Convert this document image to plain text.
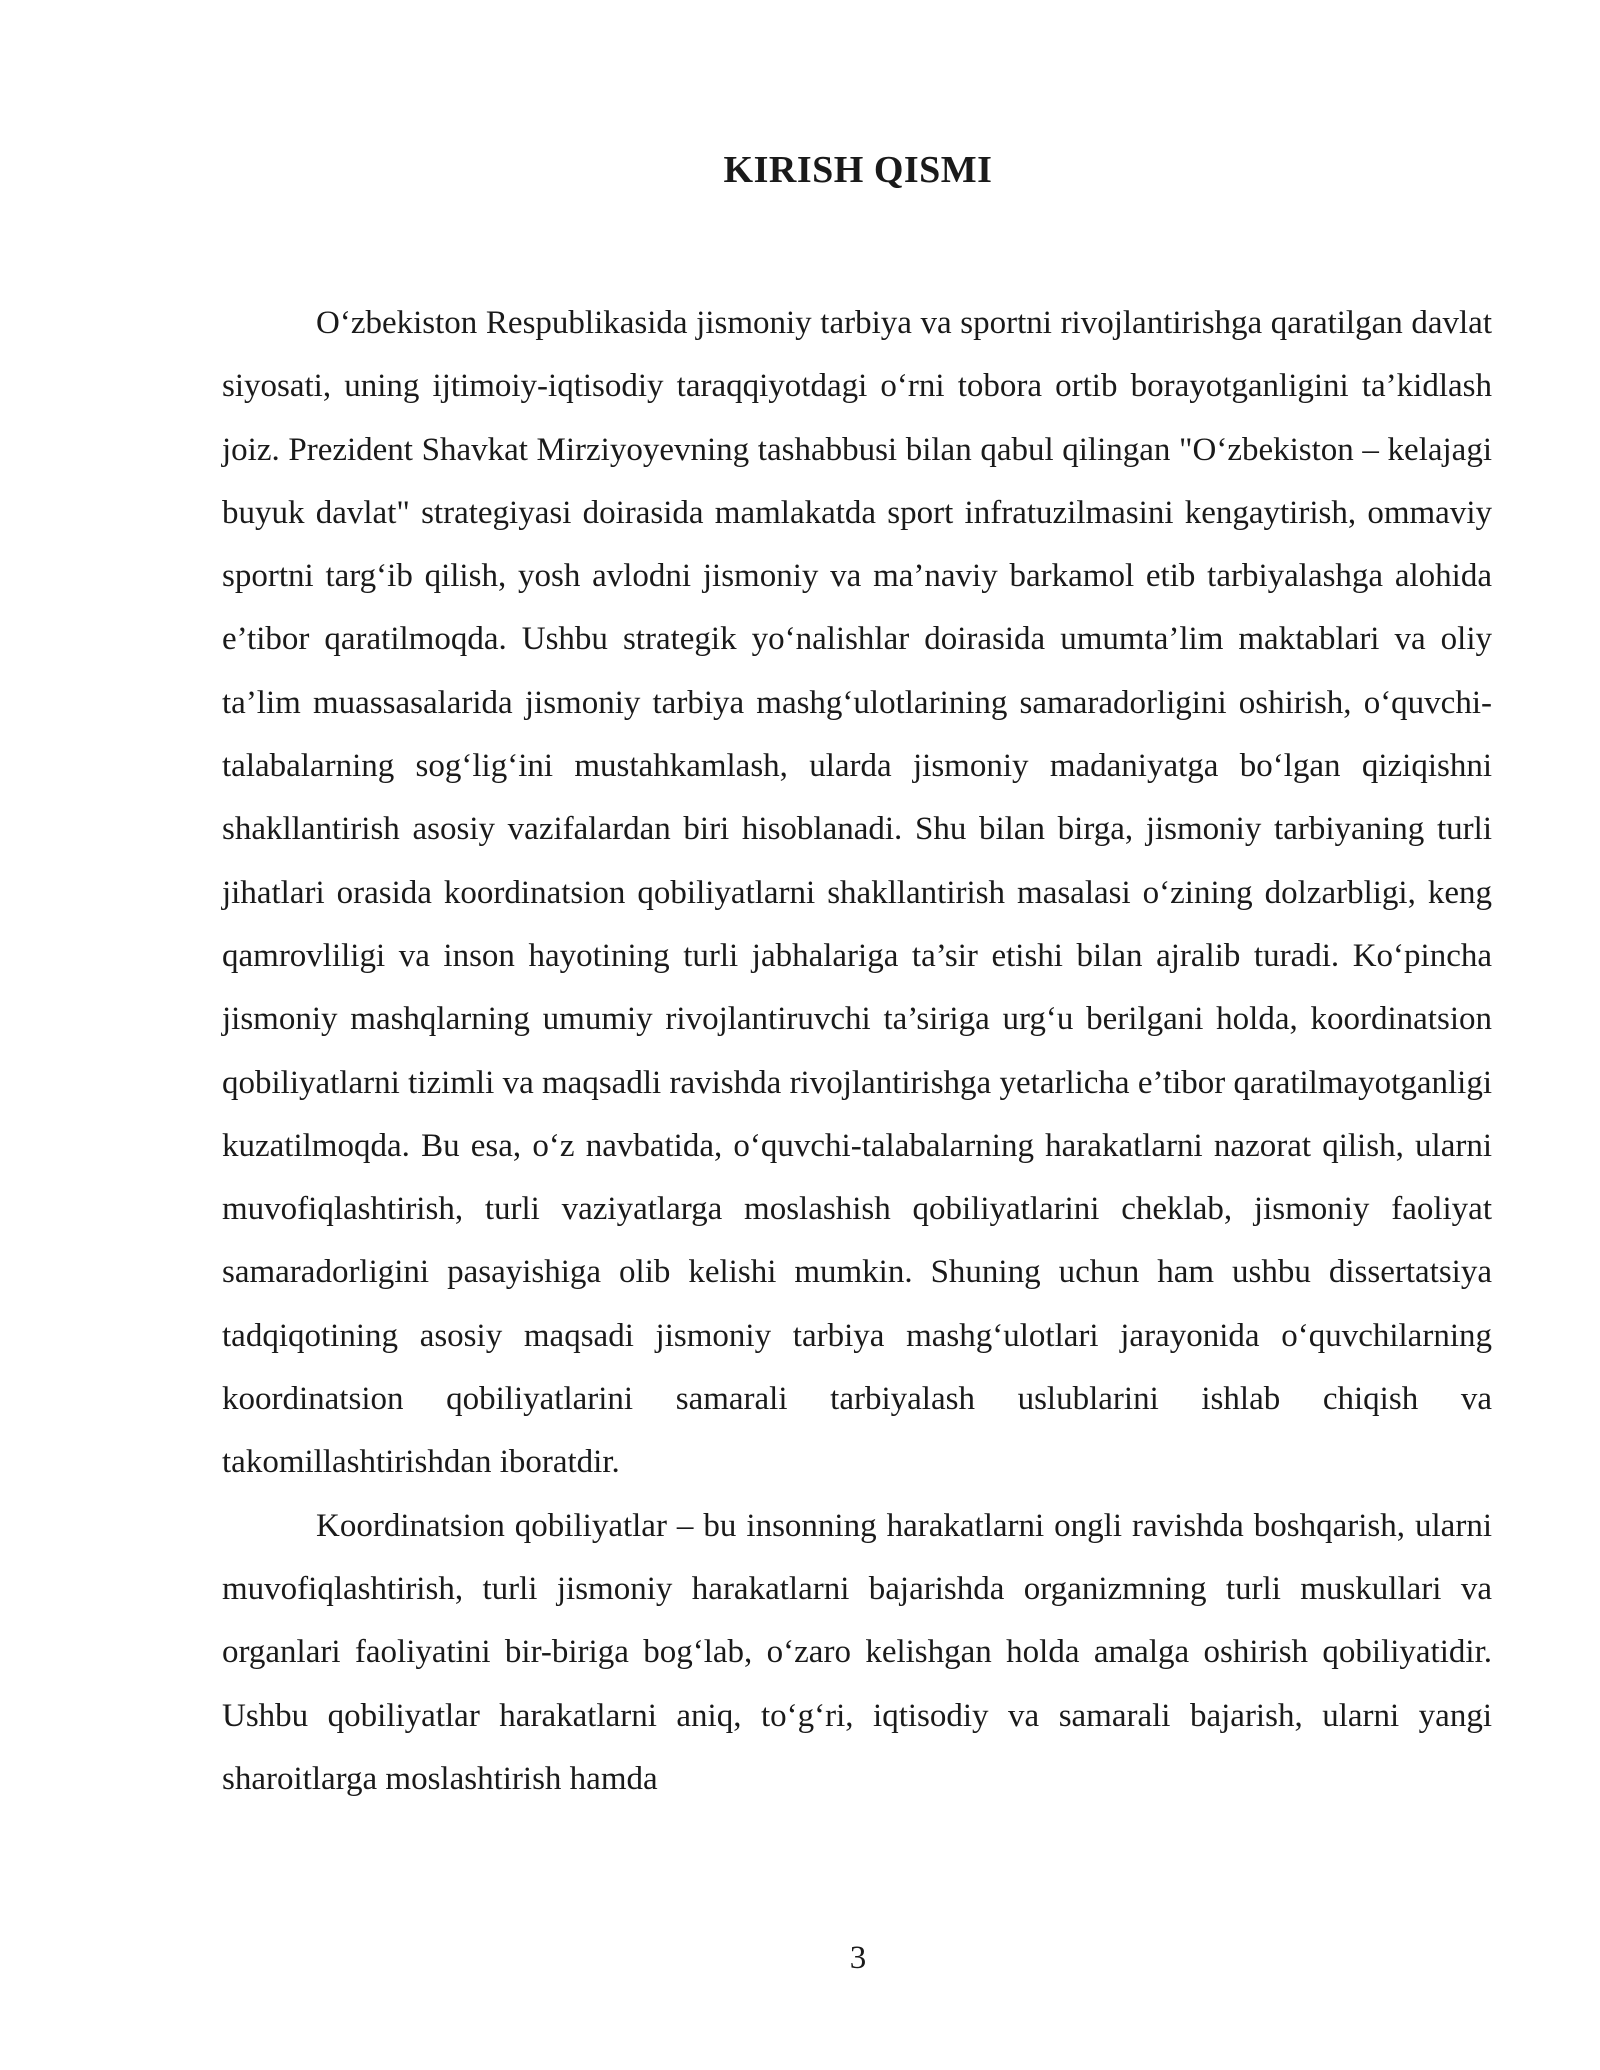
KIRISH QISMI

O‘zbekiston Respublikasida jismoniy tarbiya va sportni rivojlantirishga qaratilgan davlat siyosati, uning ijtimoiy-iqtisodiy taraqqiyotdagi o‘rni tobora ortib borayotganligini ta’kidlash joiz. Prezident Shavkat Mirziyoyevning tashabbusi bilan qabul qilingan "O‘zbekiston – kelajagi buyuk davlat" strategiyasi doirasida mamlakatda sport infratuzilmasini kengaytirish, ommaviy sportni targ‘ib qilish, yosh avlodni jismoniy va ma’naviy barkamol etib tarbiyalashga alohida e’tibor qaratilmoqda. Ushbu strategik yo‘nalishlar doirasida umumta’lim maktablari va oliy ta’lim muassasalarida jismoniy tarbiya mashg‘ulotlarining samaradorligini oshirish, o‘quvchi-talabalarning sog‘lig‘ini mustahkamlash, ularda jismoniy madaniyatga bo‘lgan qiziqishni shakllantirish asosiy vazifalardan biri hisoblanadi. Shu bilan birga, jismoniy tarbiyaning turli jihatlari orasida koordinatsion qobiliyatlarni shakllantirish masalasi o‘zining dolzarbligi, keng qamrovliligi va inson hayotining turli jabhalariga ta’sir etishi bilan ajralib turadi. Ko‘pincha jismoniy mashqlarning umumiy rivojlantiruvchi ta’siriga urg‘u berilgani holda, koordinatsion qobiliyatlarni tizimli va maqsadli ravishda rivojlantirishga yetarlicha e’tibor qaratilmayotganligi kuzatilmoqda. Bu esa, o‘z navbatida, o‘quvchi-talabalarning harakatlarni nazorat qilish, ularni muvofiqlashtirish, turli vaziyatlarga moslashish qobiliyatlarini cheklab, jismoniy faoliyat samaradorligini pasayishiga olib kelishi mumkin. Shuning uchun ham ushbu dissertatsiya tadqiqotining asosiy maqsadi jismoniy tarbiya mashg‘ulotlari jarayonida o‘quvchilarning koordinatsion qobiliyatlarini samarali tarbiyalash uslublarini ishlab chiqish va takomillashtirishdan iboratdir.

Koordinatsion qobiliyatlar – bu insonning harakatlarni ongli ravishda boshqarish, ularni muvofiqlashtirish, turli jismoniy harakatlarni bajarishda organizmning turli muskullari va organlari faoliyatini bir-biriga bog‘lab, o‘zaro kelishgan holda amalga oshirish qobiliyatidir. Ushbu qobiliyatlar harakatlarni aniq, to‘g‘ri, iqtisodiy va samarali bajarish, ularni yangi sharoitlarga moslashtirish hamda

3
